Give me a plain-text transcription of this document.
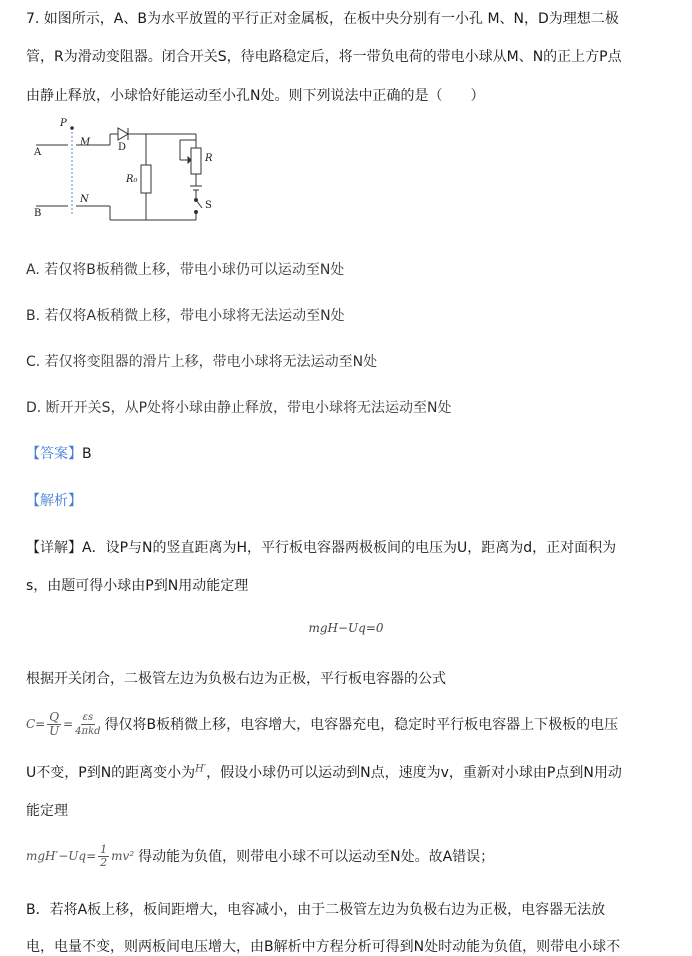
7. 如图所示，A、B为水平放置的平行正对金属板，在板中央分别有一小孔 M、N，D为理想二极
管，R为滑动变阻器。闭合开关S，待电路稳定后，将一带负电荷的带电小球从M、N的正上方P点
由静止释放，小球恰好能运动至小孔N处。则下列说法中正确的是（　　）
P
A
M	D
B
N
R₀
R
S
A. 若仅将B板稍微上移，带电小球仍可以运动至N处
B. 若仅将A板稍微上移，带电小球将无法运动至N处
C. 若仅将变阻器的滑片上移，带电小球将无法运动至N处
D. 断开开关S，从P处将小球由静止释放，带电小球将无法运动至N处
【答案】B
【解析】
【详解】A．设P与N的竖直距离为H，平行板电容器两极板间的电压为U，距离为d，正对面积为
s，由题可得小球由P到N用动能定理
mgH−Uq=0
根据开关闭合，二极管左边为负极右边为正极，平行板电容器的公式
$C= \frac{Q}{U} = \varepsilon s$
4πkd 得仅将B板稍微上移，电容增大，电容器充电，稳定时平行板电容器上下极板的电压
U不变，P到N的距离变小为$^{H'}$，假设小球仍可以运动到N点，速度为v，重新对小球由P点到N用动
能定理
$mgH'-Uq= \frac{1}{2} mv^2$ 得动能为负值，则带电小球不可以运动至N处。故A错误；
B．若将A板上移，板间距增大，电容减小，由于二极管左边为负极右边为正极，电容器无法放
电，电量不变，则两板间电压增大，由B解析中方程分析可得到N处时动能为负值，则带电小球不
